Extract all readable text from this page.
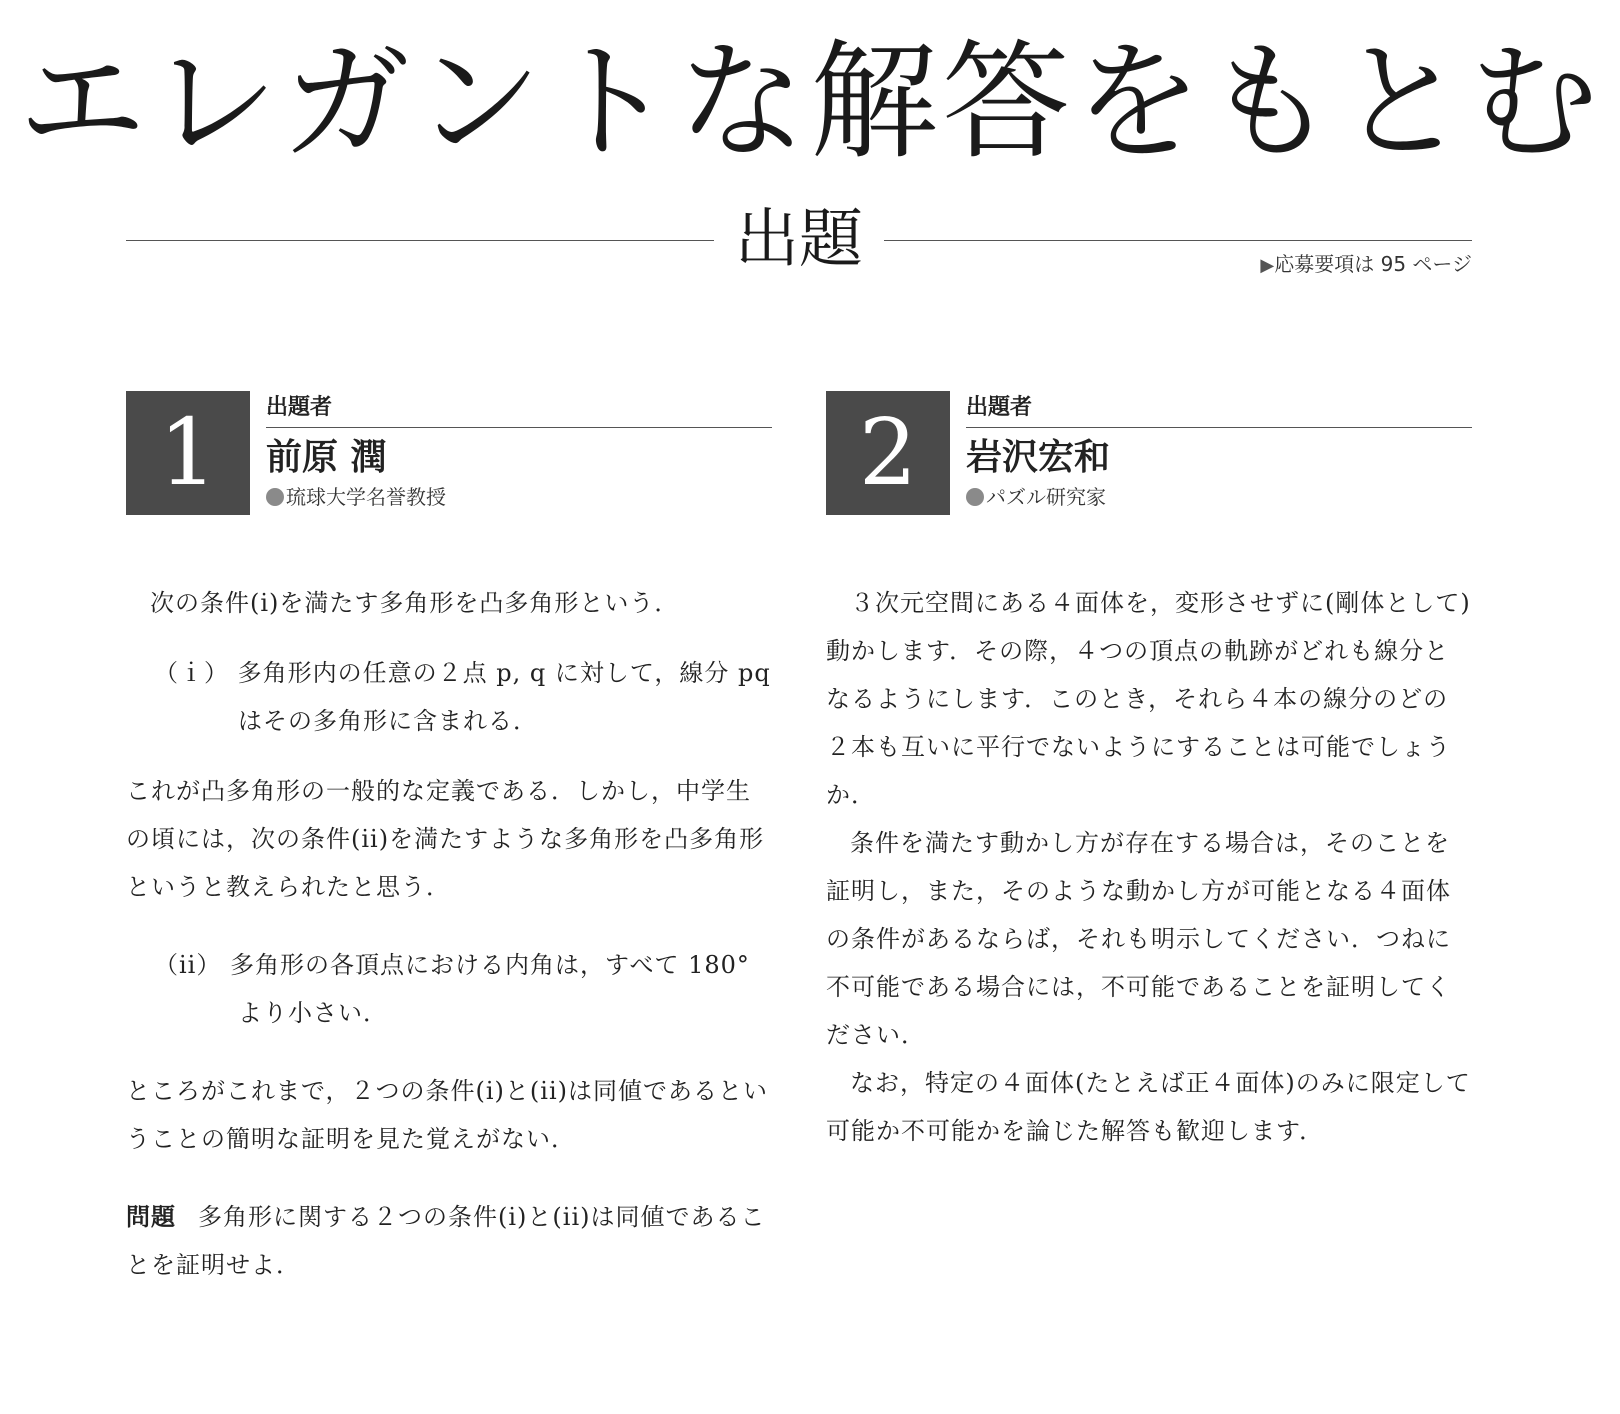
エレガントな解答をもとむ
出題	▶応募要項は 95 ページ
1	出題者
前原 潤
琉球大学名誉教授

次の条件(i)を満たす多角形を凸多角形という．

（ｉ） 多角形内の任意の２点 p, q に対して，線分 pq はその多角形に含まれる．

これが凸多角形の一般的な定義である．しかし，中学生の頃には，次の条件(ii)を満たすような多角形を凸多角形というと教えられたと思う．

（ii） 多角形の各頂点における内角は，すべて 180° より小さい．

ところがこれまで，２つの条件(i)と(ii)は同値であるということの簡明な証明を見た覚えがない．

問題 多角形に関する２つの条件(i)と(ii)は同値であることを証明せよ．

2	出題者
岩沢宏和
パズル研究家

３次元空間にある４面体を，変形させずに(剛体として)動かします．その際，４つの頂点の軌跡がどれも線分となるようにします．このとき，それら４本の線分のどの２本も互いに平行でないようにすることは可能でしょうか．

条件を満たす動かし方が存在する場合は，そのことを証明し，また，そのような動かし方が可能となる４面体の条件があるならば，それも明示してください．つねに不可能である場合には，不可能であることを証明してください．

なお，特定の４面体(たとえば正４面体)のみに限定して可能か不可能かを論じた解答も歓迎します．
